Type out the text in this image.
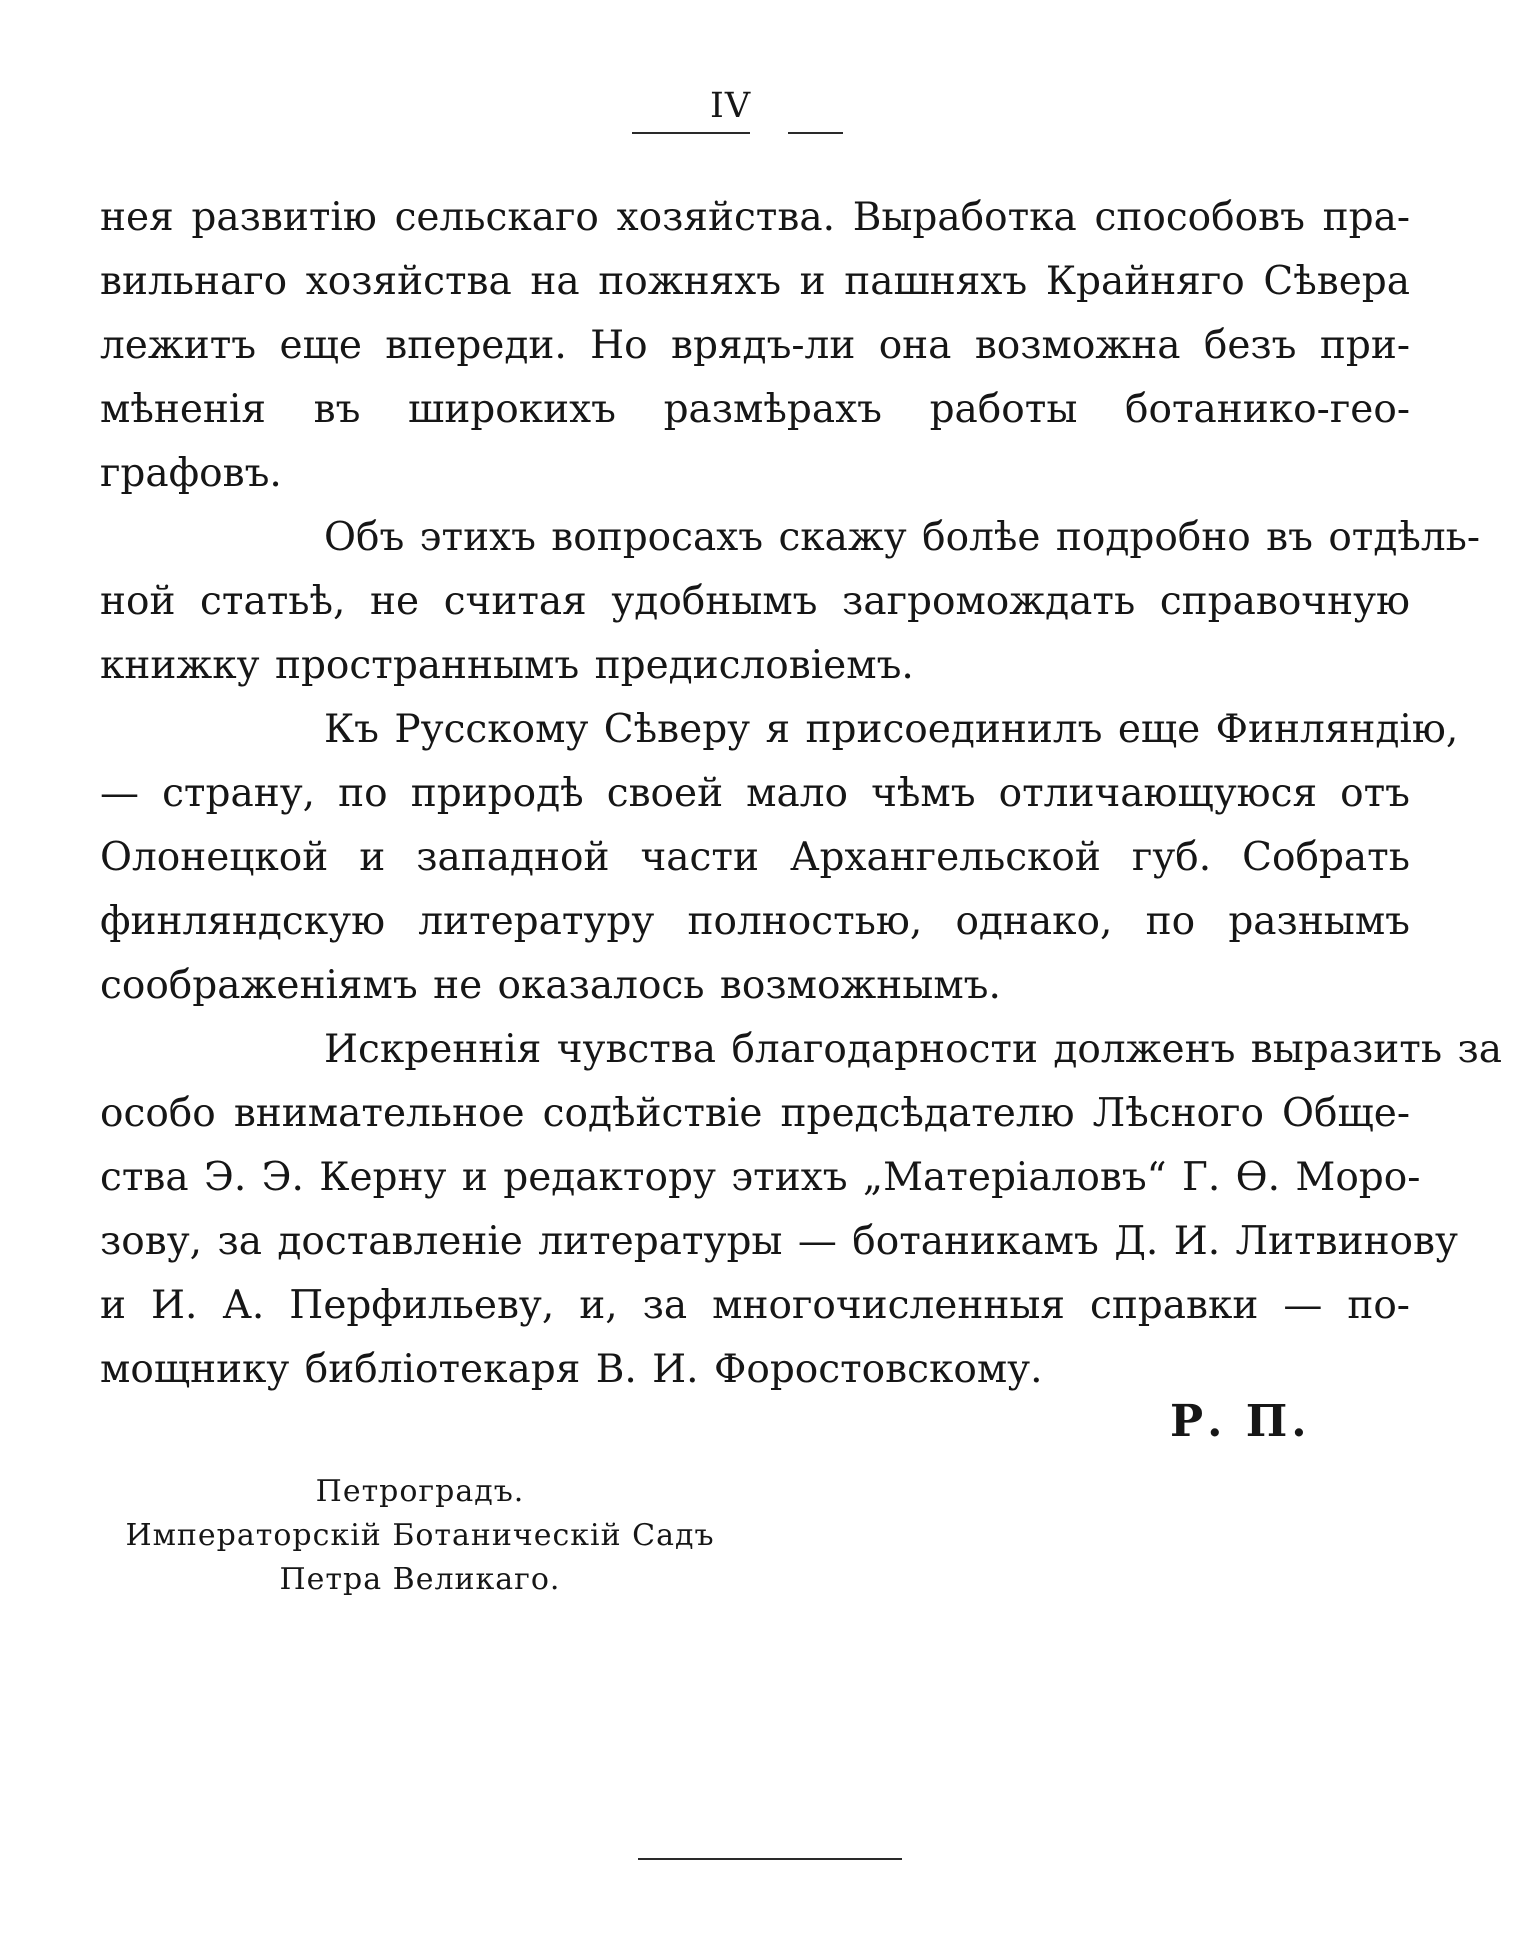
IV
нея развитію сельскаго хозяйства. Выработка способовъ пра-
вильнаго хозяйства на пожняхъ и пашняхъ Крайняго Сѣвера
лежитъ еще впереди. Но врядъ-ли она возможна безъ при-
мѣненія въ широкихъ размѣрахъ работы ботанико-гео-
графовъ.
Объ этихъ вопросахъ скажу болѣе подробно въ отдѣль-
ной статьѣ, не считая удобнымъ загромождать справочную
книжку пространнымъ предисловіемъ.
Къ Русскому Сѣверу я присоединилъ еще Финляндію,
— страну, по природѣ своей мало чѣмъ отличающуюся отъ
Олонецкой и западной части Архангельской губ. Собрать
финляндскую литературу полностью, однако, по разнымъ
соображеніямъ не оказалось возможнымъ.
Искреннія чувства благодарности долженъ выразить за
особо внимательное содѣйствіе предсѣдателю Лѣсного Обще-
ства Э. Э. Керну и редактору этихъ „Матеріаловъ“ Г. Ѳ. Моро-
зову, за доставленіе литературы — ботаникамъ Д. И. Литвинову
и И. А. Перфильеву, и, за многочисленныя справки — по-
мощнику библіотекаря В. И. Форостовскому.
Р. П.
Петроградъ.
Императорскій Ботаническій Садъ
Петра Великаго.
